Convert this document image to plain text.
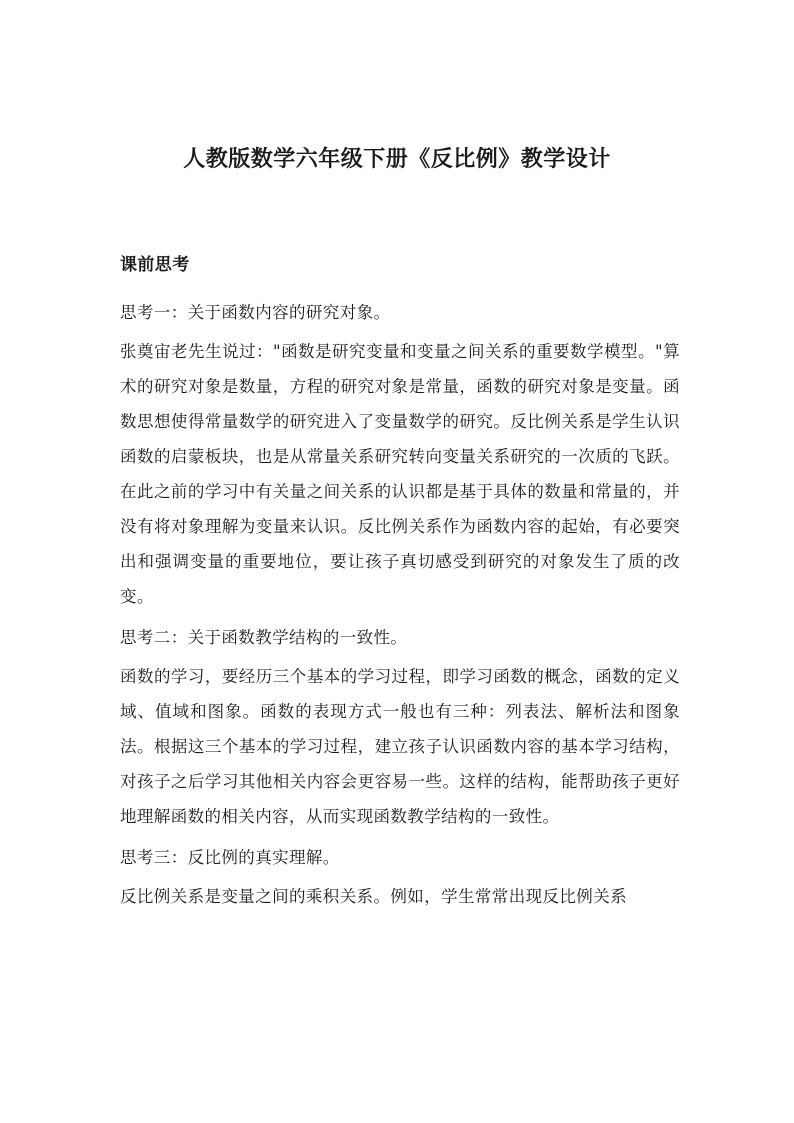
人教版数学六年级下册《反比例》教学设计

课前思考

思考一：关于函数内容的研究对象。

张奠宙老先生说过："函数是研究变量和变量之间关系的重要数学模型。"算术的研究对象是数量，方程的研究对象是常量，函数的研究对象是变量。函数思想使得常量数学的研究进入了变量数学的研究。反比例关系是学生认识函数的启蒙板块，也是从常量关系研究转向变量关系研究的一次质的飞跃。在此之前的学习中有关量之间关系的认识都是基于具体的数量和常量的，并没有将对象理解为变量来认识。反比例关系作为函数内容的起始，有必要突出和强调变量的重要地位，要让孩子真切感受到研究的对象发生了质的改变。

思考二：关于函数教学结构的一致性。

函数的学习，要经历三个基本的学习过程，即学习函数的概念，函数的定义域、值域和图象。函数的表现方式一般也有三种：列表法、解析法和图象法。根据这三个基本的学习过程，建立孩子认识函数内容的基本学习结构，对孩子之后学习其他相关内容会更容易一些。这样的结构，能帮助孩子更好地理解函数的相关内容，从而实现函数教学结构的一致性。

思考三：反比例的真实理解。

反比例关系是变量之间的乘积关系。例如，学生常常出现反比例关系
